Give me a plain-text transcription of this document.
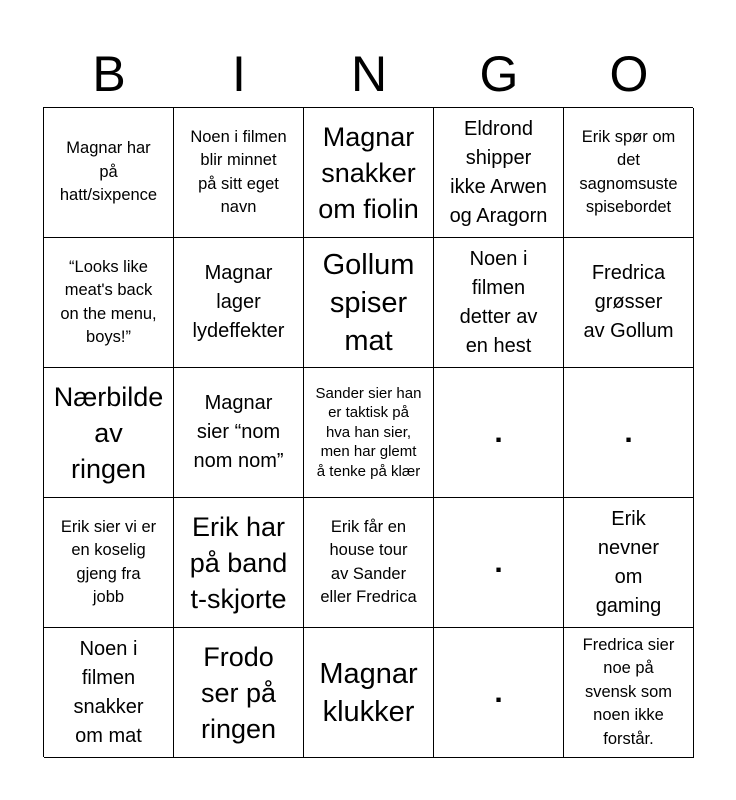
B	I	N	G	O
Magnar har
på
hatt/sixpence
Noen i filmen
blir minnet
på sitt eget
navn
Magnar
snakker
om fiolin
Eldrond
shipper
ikke Arwen
og Aragorn
Erik spør om
det
sagnomsuste
spisebordet
“Looks like
meat's back
on the menu,
boys!”
Magnar
lager
lydeffekter
Gollum
spiser
mat
Noen i
filmen
detter av
en hest
Fredrica
grøsser
av Gollum
Nærbilde
av
ringen
Magnar
sier “nom
nom nom”
Sander sier han
er taktisk på
hva han sier,
men har glemt
å tenke på klær
.	.
Erik sier vi er
en koselig
gjeng fra
jobb
Erik har
på band
t-skjorte
Erik får en
house tour
av Sander
eller Fredrica
.
Erik
nevner
om
gaming
Noen i
filmen
snakker
om mat
Frodo
ser på
ringen
Magnar
klukker
.
Fredrica sier
noe på
svensk som
noen ikke
forstår.
